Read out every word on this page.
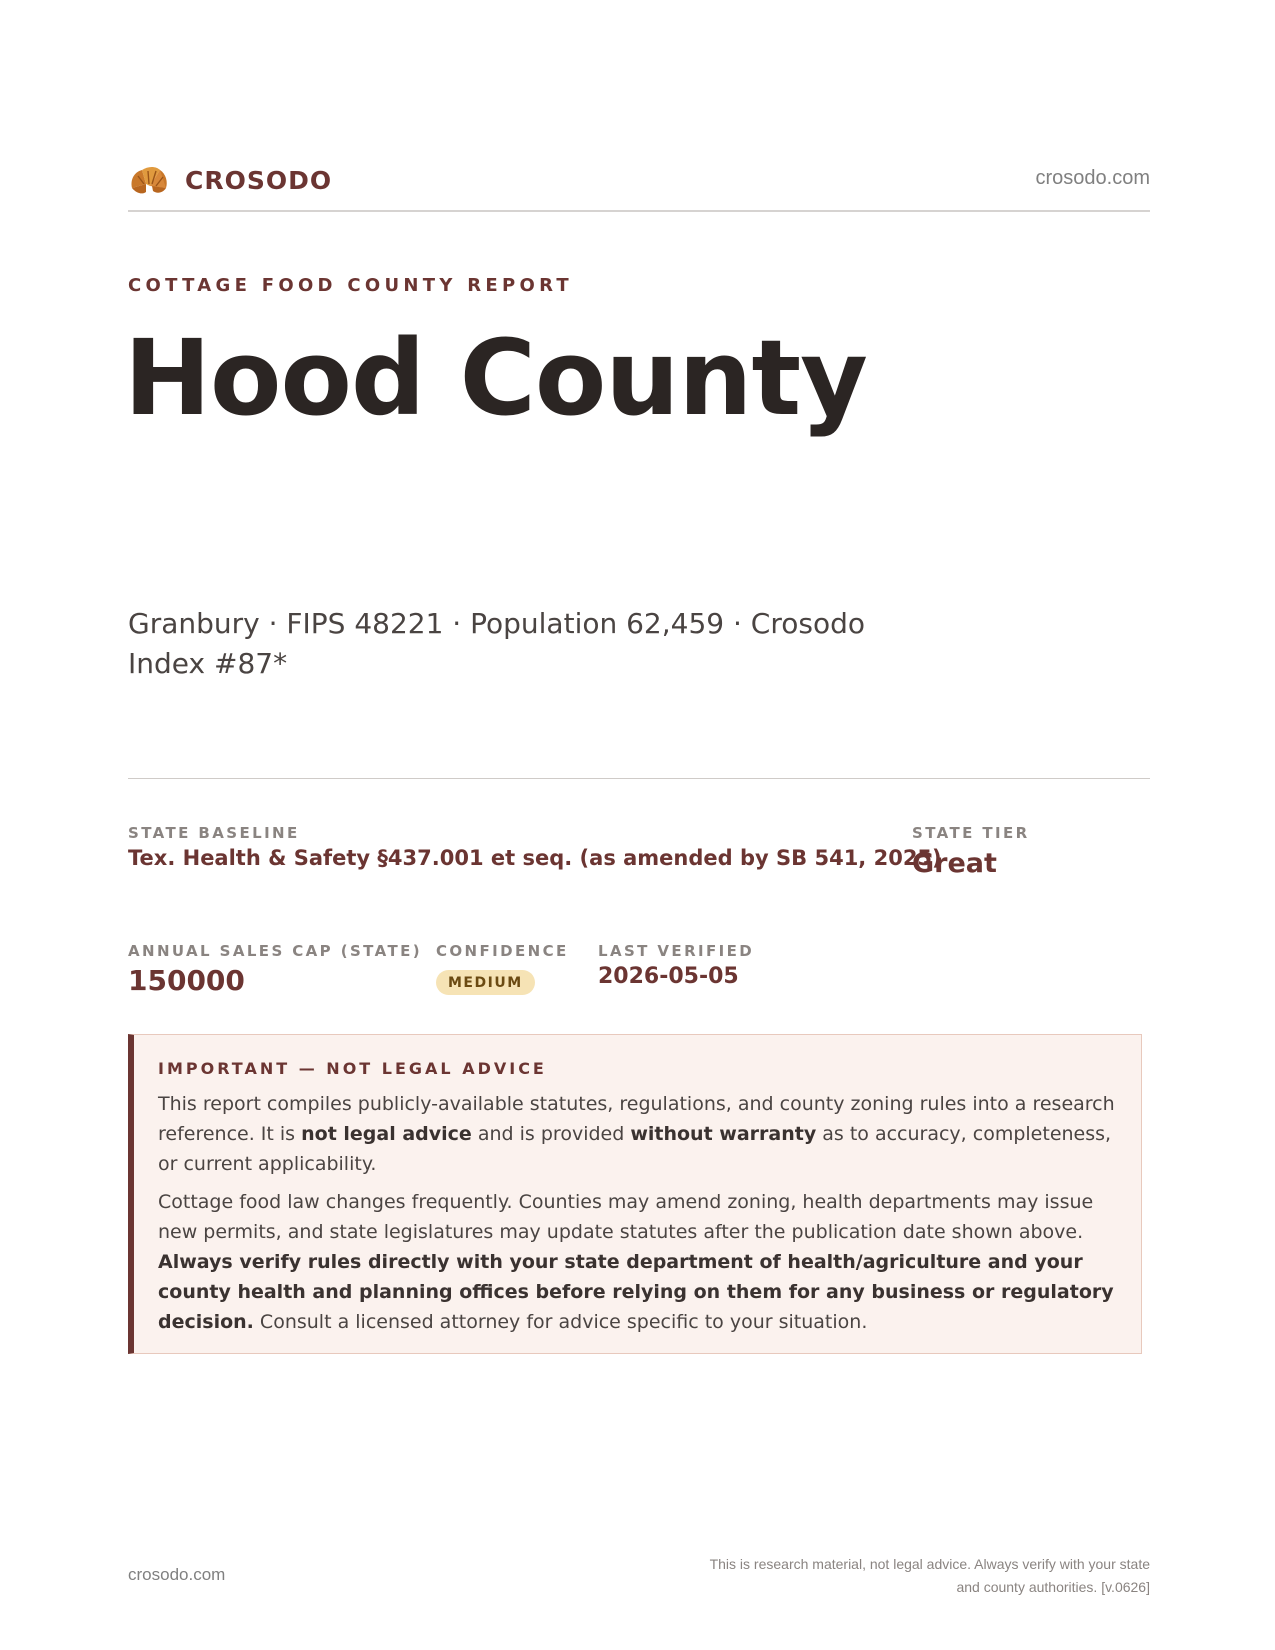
CROSODO	crosodo.com
COTTAGE FOOD COUNTY REPORT
Hood County
Granbury · FIPS 48221 · Population 62,459 · Crosodo Index #87*
STATE BASELINE
Tex. Health & Safety §437.001 et seq. (as amended by SB 541, 2025)
STATE TIER
Great
ANNUAL SALES CAP (STATE)
150000
CONFIDENCE
MEDIUM
LAST VERIFIED
2026-05-05
IMPORTANT — NOT LEGAL ADVICE
This report compiles publicly-available statutes, regulations, and county zoning rules into a research reference. It is not legal advice and is provided without warranty as to accuracy, completeness, or current applicability.
Cottage food law changes frequently. Counties may amend zoning, health departments may issue new permits, and state legislatures may update statutes after the publication date shown above. Always verify rules directly with your state department of health/agriculture and your county health and planning offices before relying on them for any business or regulatory decision. Consult a licensed attorney for advice specific to your situation.
crosodo.com
This is research material, not legal advice. Always verify with your state
and county authorities. [v.0626]
